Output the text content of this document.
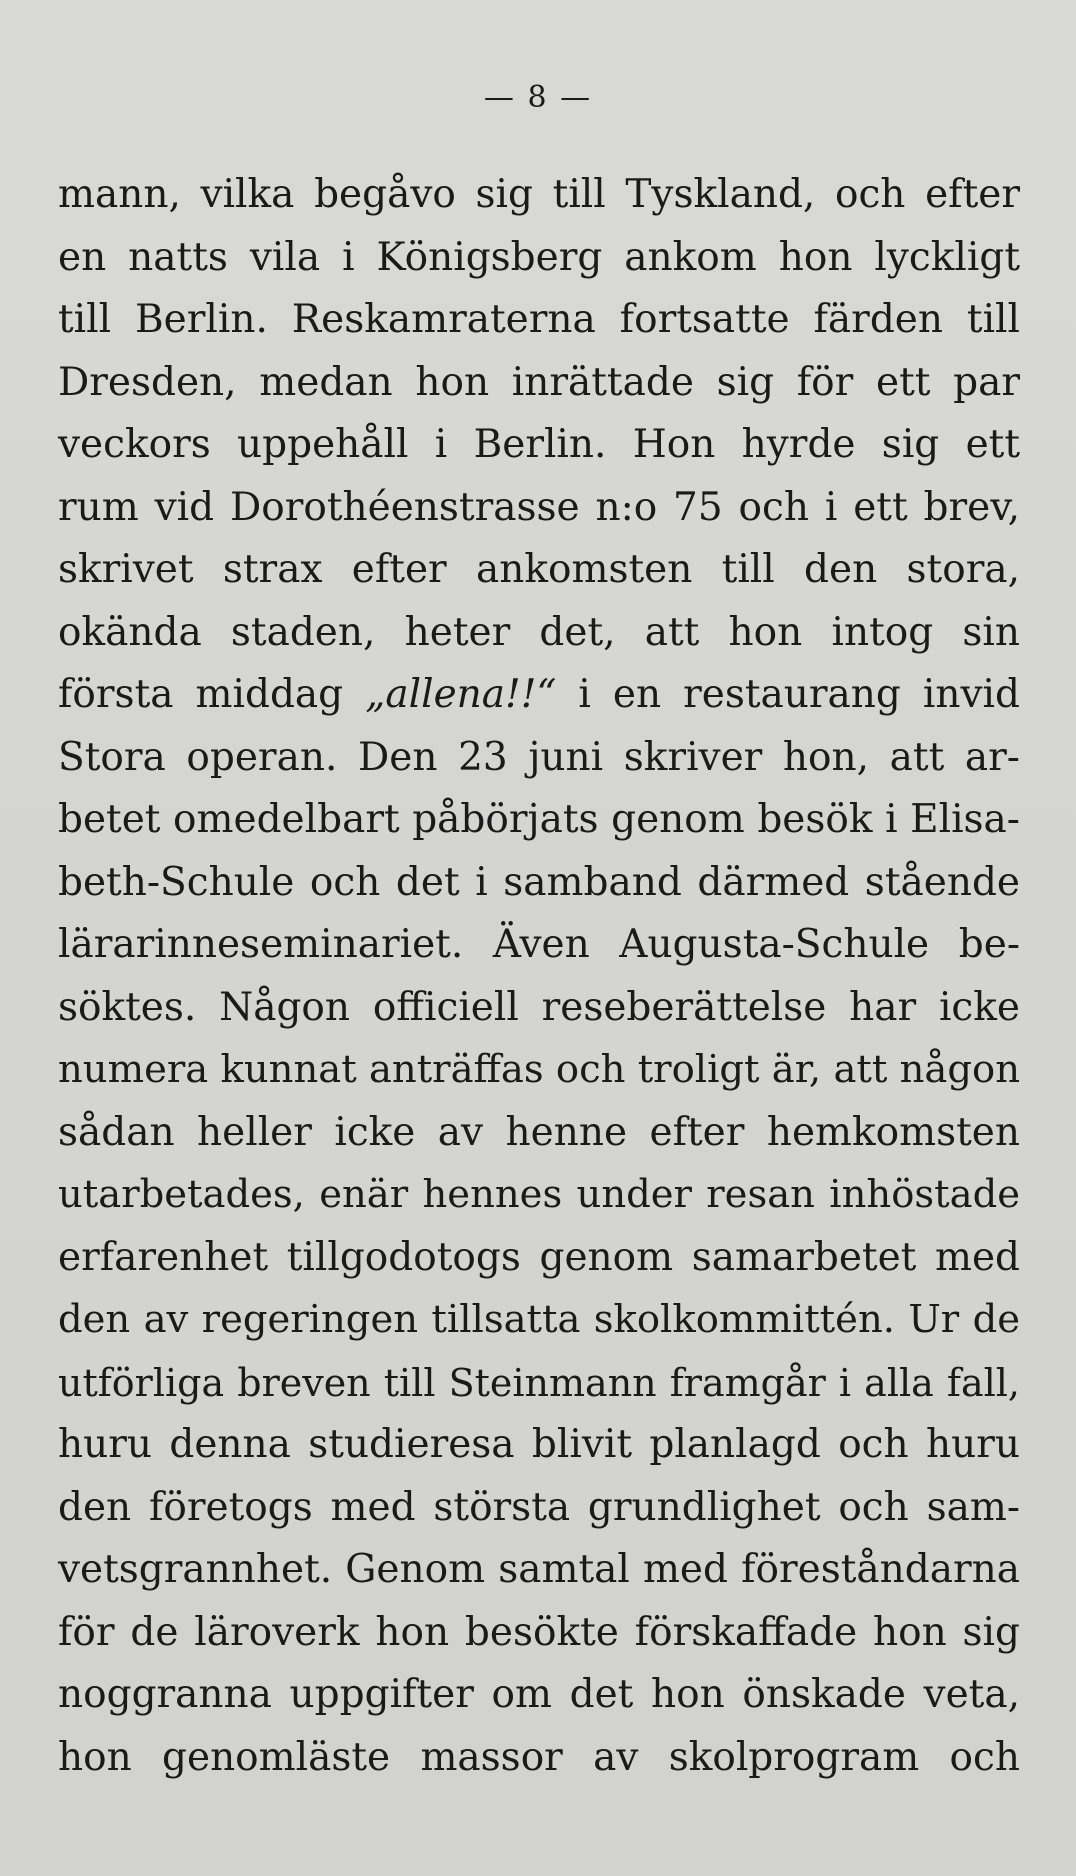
— 8 —
mann, vilka begåvo sig till Tyskland, och efter
en natts vila i Königsberg ankom hon lyckligt
till Berlin. Reskamraterna fortsatte färden till
Dresden, medan hon inrättade sig för ett par
veckors uppehåll i Berlin. Hon hyrde sig ett
rum vid Dorothéenstrasse n:o 75 och i ett brev,
skrivet strax efter ankomsten till den stora,
okända staden, heter det, att hon intog sin
första middag „allena!!“ i en restaurang invid
Stora operan. Den 23 juni skriver hon, att ar-
betet omedelbart påbörjats genom besök i Elisa-
beth-Schule och det i samband därmed stående
lärarinneseminariet. Även Augusta-Schule be-
söktes. Någon officiell reseberättelse har icke
numera kunnat anträffas och troligt är, att någon
sådan heller icke av henne efter hemkomsten
utarbetades, enär hennes under resan inhöstade
erfarenhet tillgodotogs genom samarbetet med
den av regeringen tillsatta skolkommittén. Ur de
utförliga breven till Steinmann framgår i alla fall,
huru denna studieresa blivit planlagd och huru
den företogs med största grundlighet och sam-
vetsgrannhet. Genom samtal med föreståndarna
för de läroverk hon besökte förskaffade hon sig
noggranna uppgifter om det hon önskade veta,
hon genomläste massor av skolprogram och
